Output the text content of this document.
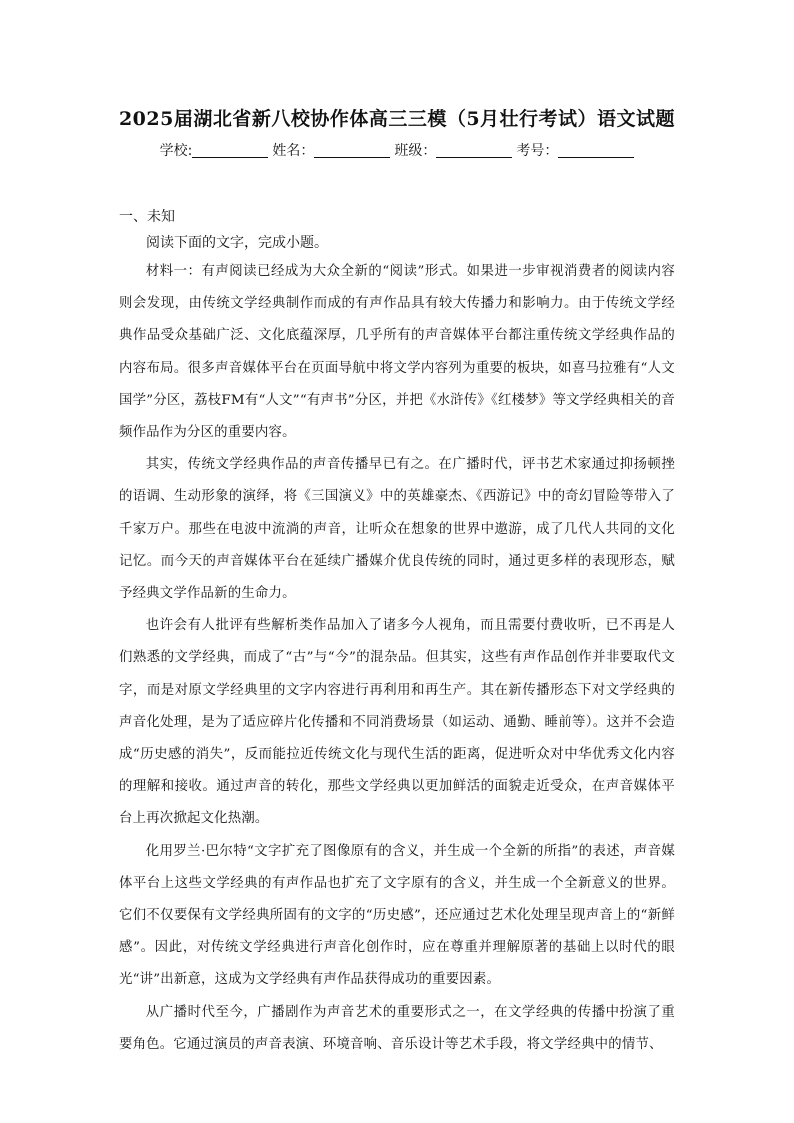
2025届湖北省新八校协作体高三三模（5月壮行考试）语文试题
学校:	姓名：	班级：	考号：
一、未知
阅读下面的文字，完成小题。

材料一：有声阅读已经成为大众全新的“阅读”形式。如果进一步审视消费者的阅读内容则会发现，由传统文学经典制作而成的有声作品具有较大传播力和影响力。由于传统文学经典作品受众基础广泛、文化底蕴深厚，几乎所有的声音媒体平台都注重传统文学经典作品的内容布局。很多声音媒体平台在页面导航中将文学内容列为重要的板块，如喜马拉雅有“人文国学”分区，荔枝FM有“人文”“有声书”分区，并把《水浒传》《红楼梦》等文学经典相关的音频作品作为分区的重要内容。

其实，传统文学经典作品的声音传播早已有之。在广播时代，评书艺术家通过抑扬顿挫的语调、生动形象的演绎，将《三国演义》中的英雄豪杰、《西游记》中的奇幻冒险等带入了千家万户。那些在电波中流淌的声音，让听众在想象的世界中遨游，成了几代人共同的文化记忆。而今天的声音媒体平台在延续广播媒介优良传统的同时，通过更多样的表现形态，赋予经典文学作品新的生命力。

也许会有人批评有些解析类作品加入了诸多今人视角，而且需要付费收听，已不再是人们熟悉的文学经典，而成了“古”与“今”的混杂品。但其实，这些有声作品创作并非要取代文字，而是对原文学经典里的文字内容进行再利用和再生产。其在新传播形态下对文学经典的声音化处理，是为了适应碎片化传播和不同消费场景（如运动、通勤、睡前等）。这并不会造成“历史感的消失”，反而能拉近传统文化与现代生活的距离，促进听众对中华优秀文化内容的理解和接收。通过声音的转化，那些文学经典以更加鲜活的面貌走近受众，在声音媒体平台上再次掀起文化热潮。

化用罗兰·巴尔特“文字扩充了图像原有的含义，并生成一个全新的所指”的表述，声音媒体平台上这些文学经典的有声作品也扩充了文字原有的含义，并生成一个全新意义的世界。它们不仅要保有文学经典所固有的文字的“历史感”，还应通过艺术化处理呈现声音上的“新鲜感”。因此，对传统文学经典进行声音化创作时，应在尊重并理解原著的基础上以时代的眼光“讲”出新意，这成为文学经典有声作品获得成功的重要因素。

从广播时代至今，广播剧作为声音艺术的重要形式之一，在文学经典的传播中扮演了重要角色。它通过演员的声音表演、环境音响、音乐设计等艺术手段，将文学经典中的情节、
